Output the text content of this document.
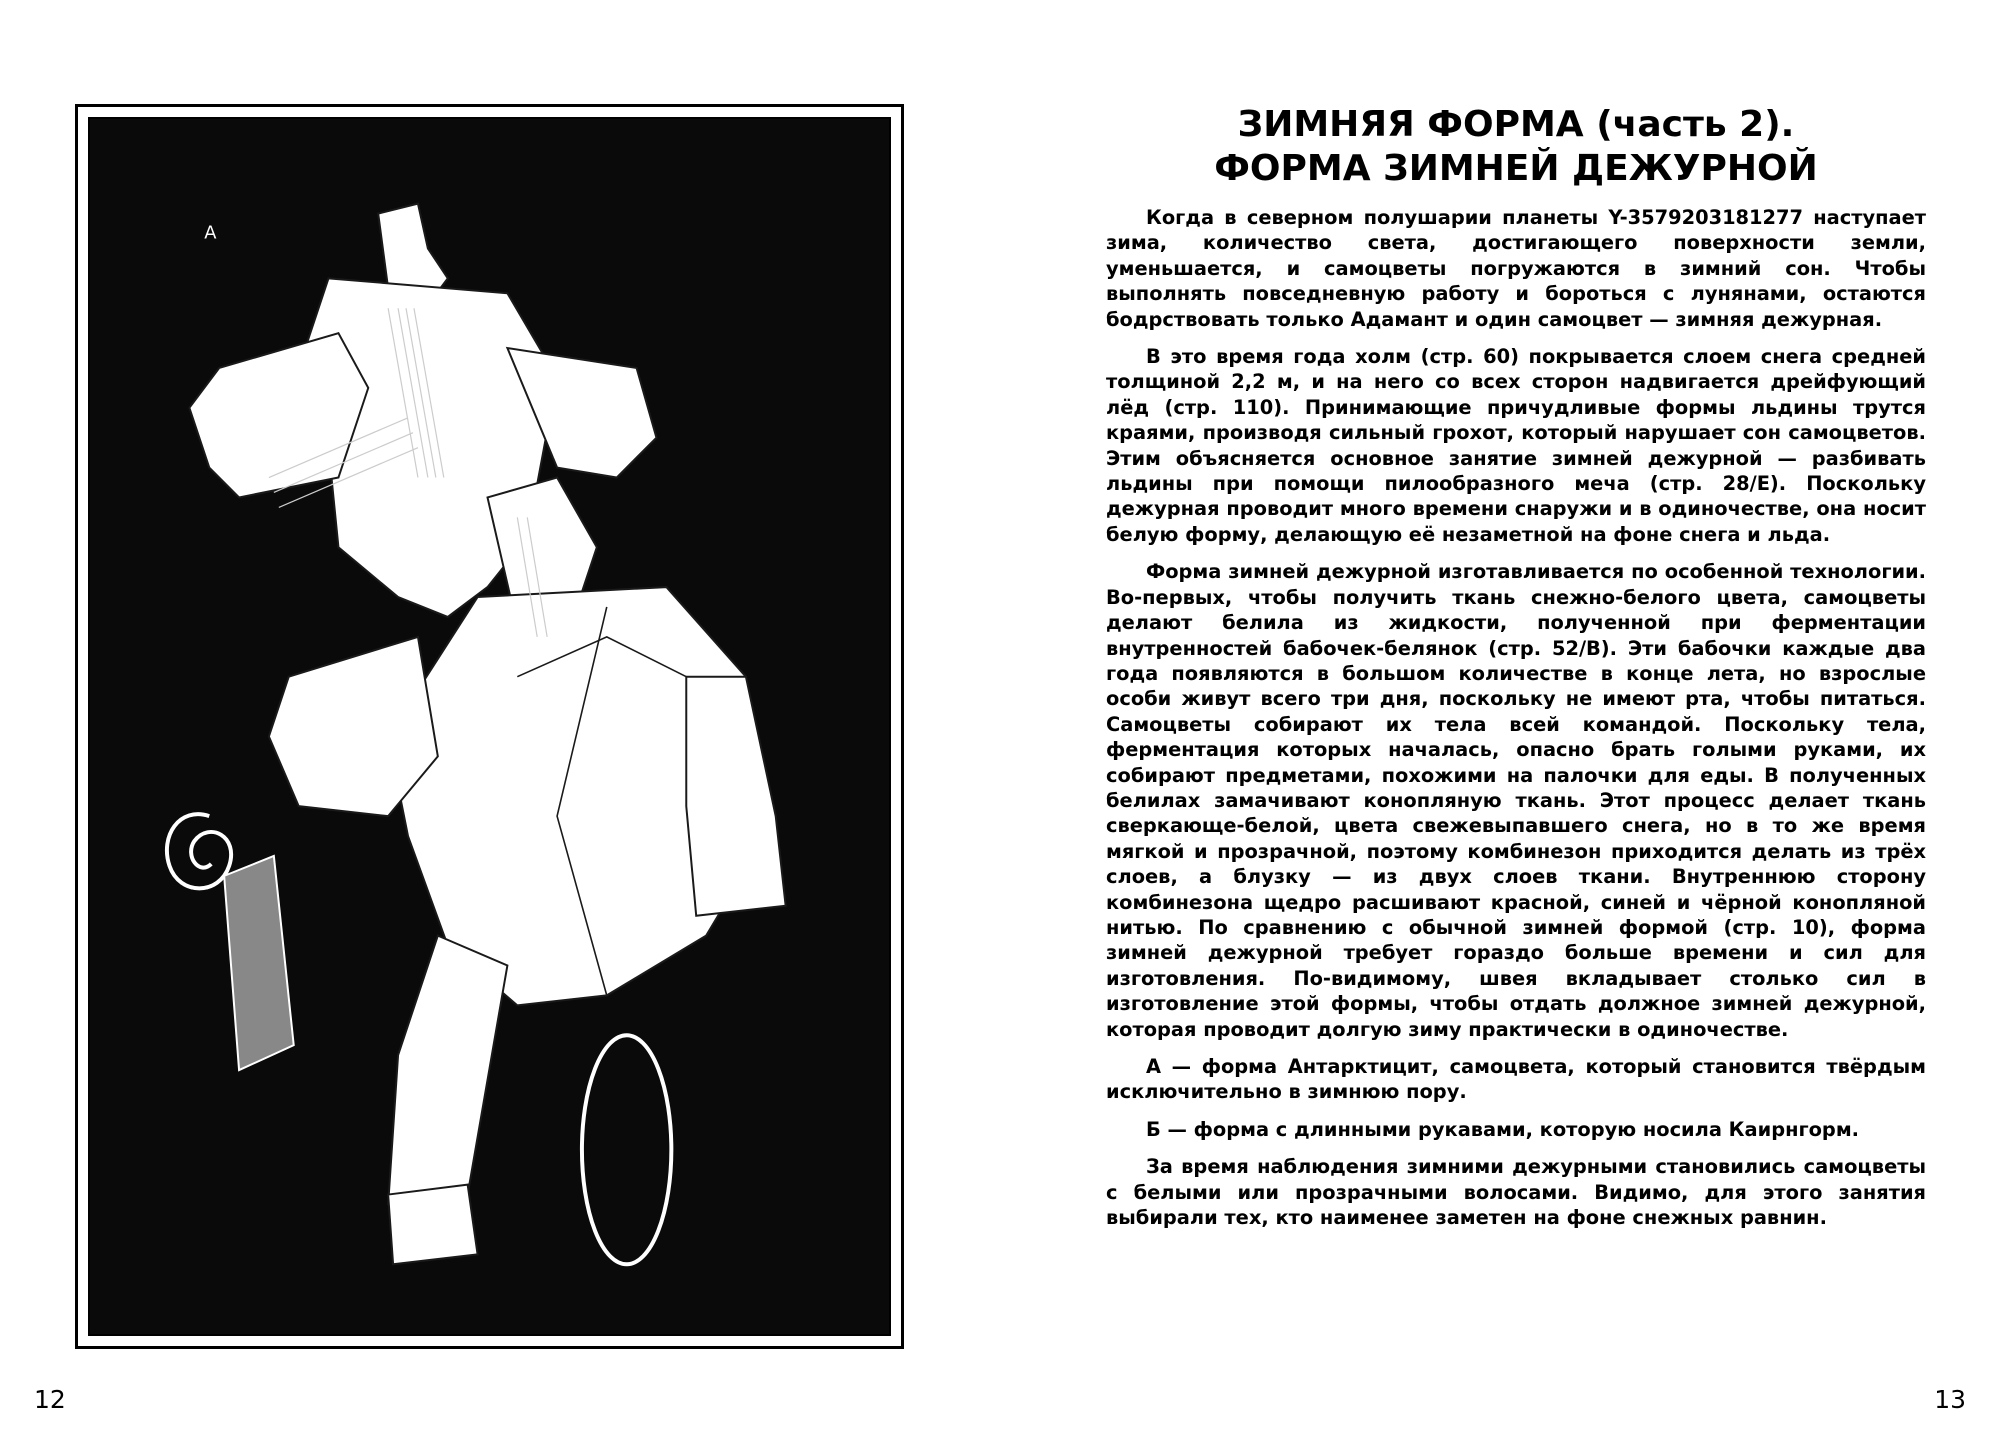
А
В
12	13
ЗИМНЯЯ ФОРМА (часть 2).
ФОРМА ЗИМНЕЙ ДЕЖУРНОЙ

Когда в северном полушарии планеты Y-3579203181277 наступает зима, количество света, достигающего поверхности земли, уменьшается, и самоцветы погружаются в зимний сон. Чтобы выполнять повседневную работу и бороться с лунянами, остаются бодрствовать только Адамант и один самоцвет — зимняя дежурная.

В это время года холм (стр. 60) покрывается слоем снега средней толщиной 2,2 м, и на него со всех сторон надвигается дрейфующий лёд (стр. 110). Принимающие причудливые формы льдины трутся краями, производя сильный грохот, который нарушает сон самоцветов. Этим объясняется основное занятие зимней дежурной — разбивать льдины при помощи пилообразного меча (стр. 28/Е). Поскольку дежурная проводит много времени снаружи и в одиночестве, она носит белую форму, делающую её незаметной на фоне снега и льда.

Форма зимней дежурной изготавливается по особенной технологии. Во-первых, чтобы получить ткань снежно-белого цвета, самоцветы делают белила из жидкости, полученной при ферментации внутренностей бабочек-белянок (стр. 52/В). Эти бабочки каждые два года появляются в большом количестве в конце лета, но взрослые особи живут всего три дня, поскольку не имеют рта, чтобы питаться. Самоцветы собирают их тела всей командой. Поскольку тела, ферментация которых началась, опасно брать голыми руками, их собирают предметами, похожими на палочки для еды. В полученных белилах замачивают конопляную ткань. Этот процесс делает ткань сверкающе-белой, цвета свежевыпавшего снега, но в то же время мягкой и прозрачной, поэтому комбинезон приходится делать из трёх слоев, а блузку — из двух слоев ткани. Внутреннюю сторону комбинезона щедро расшивают красной, синей и чёрной конопляной нитью. По сравнению с обычной зимней формой (стр. 10), форма зимней дежурной требует гораздо больше времени и сил для изготовления. По-видимому, швея вкладывает столько сил в изготовление этой формы, чтобы отдать должное зимней дежурной, которая проводит долгую зиму практически в одиночестве.

А — форма Антарктицит, самоцвета, который становится твёрдым исключительно в зимнюю пору.

Б — форма с длинными рукавами, которую носила Каирнгорм.

За время наблюдения зимними дежурными становились самоцветы с белыми или прозрачными волосами. Видимо, для этого занятия выбирали тех, кто наименее заметен на фоне снежных равнин.
